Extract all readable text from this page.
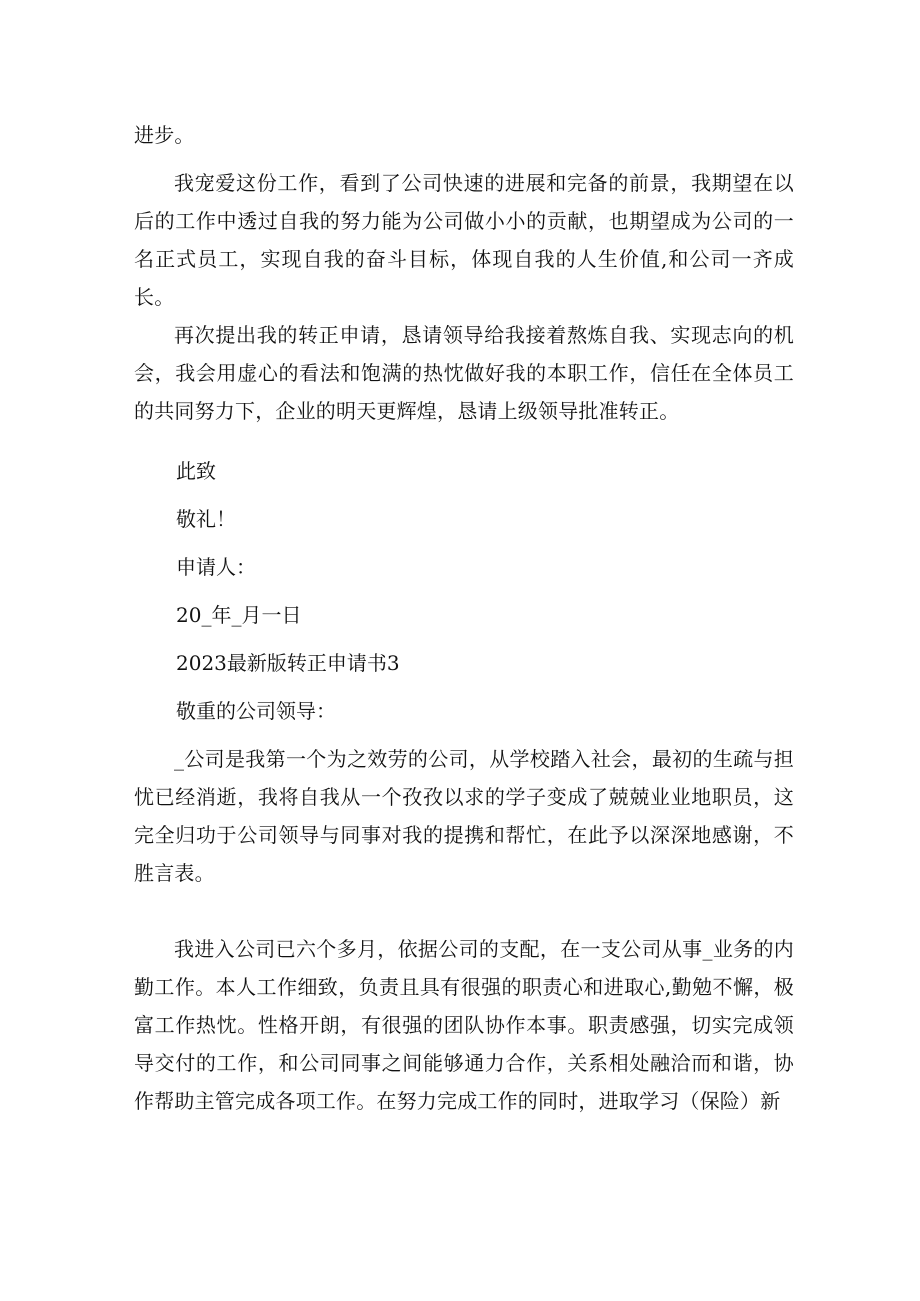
进步。

我宠爱这份工作，看到了公司快速的进展和完备的前景，我期望在以后的工作中透过自我的努力能为公司做小小的贡献，也期望成为公司的一名正式员工，实现自我的奋斗目标，体现自我的人生价值,和公司一齐成长。

再次提出我的转正申请，恳请领导给我接着熬炼自我、实现志向的机会，我会用虚心的看法和饱满的热忱做好我的本职工作，信任在全体员工的共同努力下，企业的明天更辉煌，恳请上级领导批准转正。

此致

敬礼！

申请人：

20_年_月一日

2023最新版转正申请书3

敬重的公司领导：

_公司是我第一个为之效劳的公司，从学校踏入社会，最初的生疏与担忧已经消逝，我将自我从一个孜孜以求的学子变成了兢兢业业地职员，这完全归功于公司领导与同事对我的提携和帮忙，在此予以深深地感谢，不胜言表。

我进入公司已六个多月，依据公司的支配，在一支公司从事_业务的内勤工作。本人工作细致，负责且具有很强的职责心和进取心,勤勉不懈，极富工作热忱。性格开朗，有很强的团队协作本事。职责感强，切实完成领导交付的工作，和公司同事之间能够通力合作，关系相处融洽而和谐，协作帮助主管完成各项工作。在努力完成工作的同时，进取学习（保险）新
